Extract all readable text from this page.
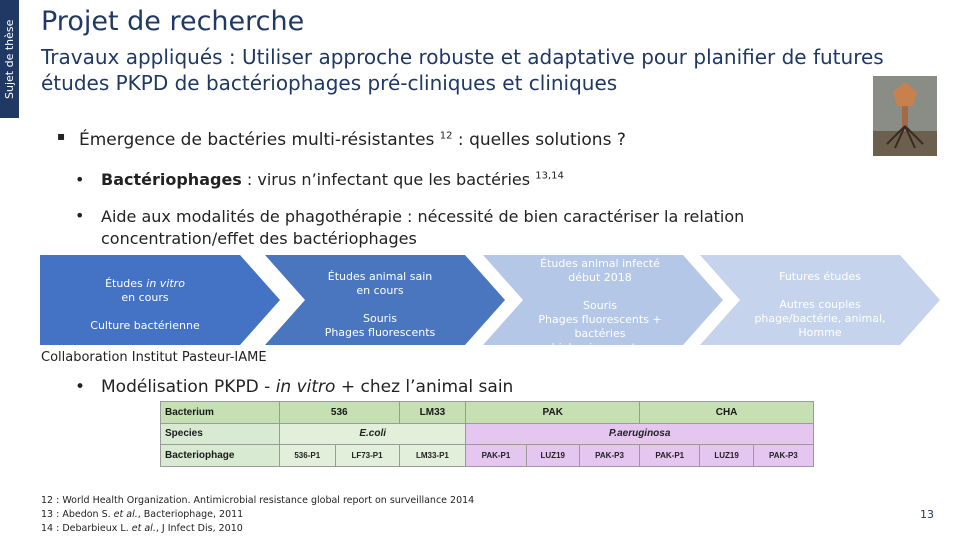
Sujet de thèse Projet de recherche
Travaux appliqués : Utiliser approche robuste et adaptative pour planifier de futures études PKPD de bactériophages pré-cliniques et cliniques
▪ Émergence de bactéries multi-résistantes $^{12}$ : quelles solutions ?
• Bactériophages : virus n’infectant que les bactéries $^{13,14}$
• Aide aux modalités de phagothérapie : nécessité de bien caractériser la relation concentration/effet des bactériophages
Études in vitro
en cours

Culture bactérienne
Études animal sain
en cours

Souris
Phages fluorescents
Études animal infecté
début 2018

Souris
Phages fluorescents +
bactéries
bioluminescentes
Futures études

Autres couples
phage/bactérie, animal,
Homme
Collaboration Institut Pasteur-IAME
• Modélisation PKPD - in vitro + chez l’animal sain
Bacterium	536		LM33	PAK			CHA		
Species	E.coli			P.aeruginosa					
Bacteriophage	536-P1	LF73-P1	LM33-P1	PAK-P1	LUZ19	PAK-P3	PAK-P1	LUZ19	PAK-P3
12 : World Health Organization. Antimicrobial resistance global report on surveillance 2014
13 : Abedon S. et al., Bacteriophage, 2011
14 : Debarbieux L. et al., J Infect Dis, 2010
13
